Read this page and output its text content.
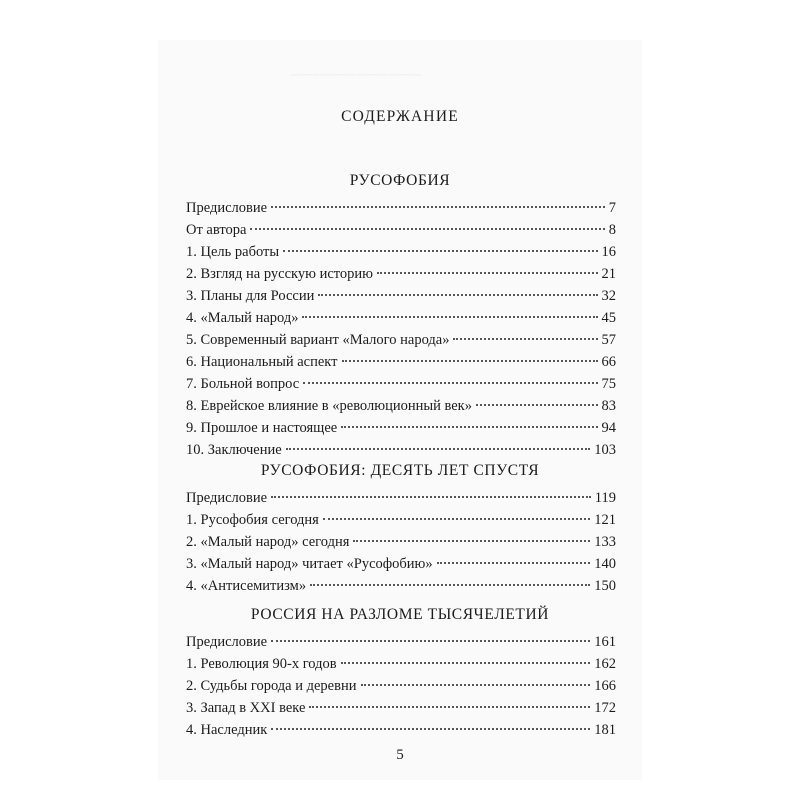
────────────
СОДЕРЖАНИЕ
РУСОФОБИЯ
Предисловие	7
От автора	8
1. Цель работы	16
2. Взгляд на русскую историю	21
3. Планы для России	32
4. «Малый народ»	45
5. Современный вариант «Малого народа»	57
6. Национальный аспект	66
7. Больной вопрос	75
8. Еврейское влияние в «революционный век»	83
9. Прошлое и настоящее	94
10. Заключение	103
РУСОФОБИЯ: ДЕСЯТЬ ЛЕТ СПУСТЯ
Предисловие	119
1. Русофобия сегодня	121
2. «Малый народ» сегодня	133
3. «Малый народ» читает «Русофобию»	140
4. «Антисемитизм»	150
РОССИЯ НА РАЗЛОМЕ ТЫСЯЧЕЛЕТИЙ
Предисловие	161
1. Революция 90-х годов	162
2. Судьбы города и деревни	166
3. Запад в XXI веке	172
4. Наследник	181
5
